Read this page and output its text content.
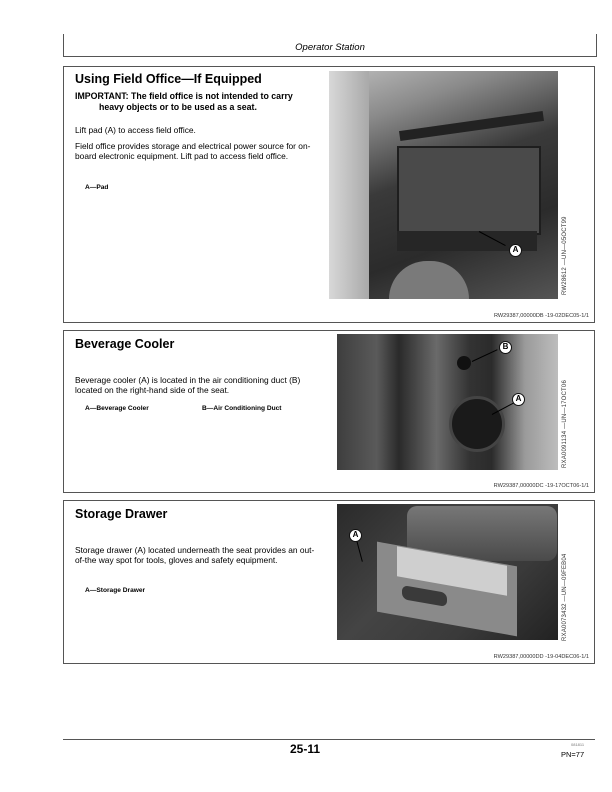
Operator Station
Using Field Office—If Equipped
IMPORTANT: The field office is not intended to carry
heavy objects or to be used as a seat.
Lift pad (A) to access field office.
Field office provides storage and electrical power source for on-board electronic equipment. Lift pad to access field office.
A—Pad
A	RW28612 —UN—05OCT99
RW29387,00000DB -19-02DEC05-1/1
Beverage Cooler
Beverage cooler (A) is located in the air conditioning duct (B) located on the right-hand side of the seat.
A—Beverage Cooler	B—Air Conditioning Duct
B
A	RXA0091134 —UN—17OCT06
RW29387,00000DC -19-17OCT06-1/1
Storage Drawer
Storage drawer (A) located underneath the seat provides an out-of-the way spot for tools, gloves and safety equipment.
A—Storage Drawer
A
RXA0073432 —UN—09FEB04
RW29387,00000DD -19-04DEC06-1/1
25-11	081811
PN=77
